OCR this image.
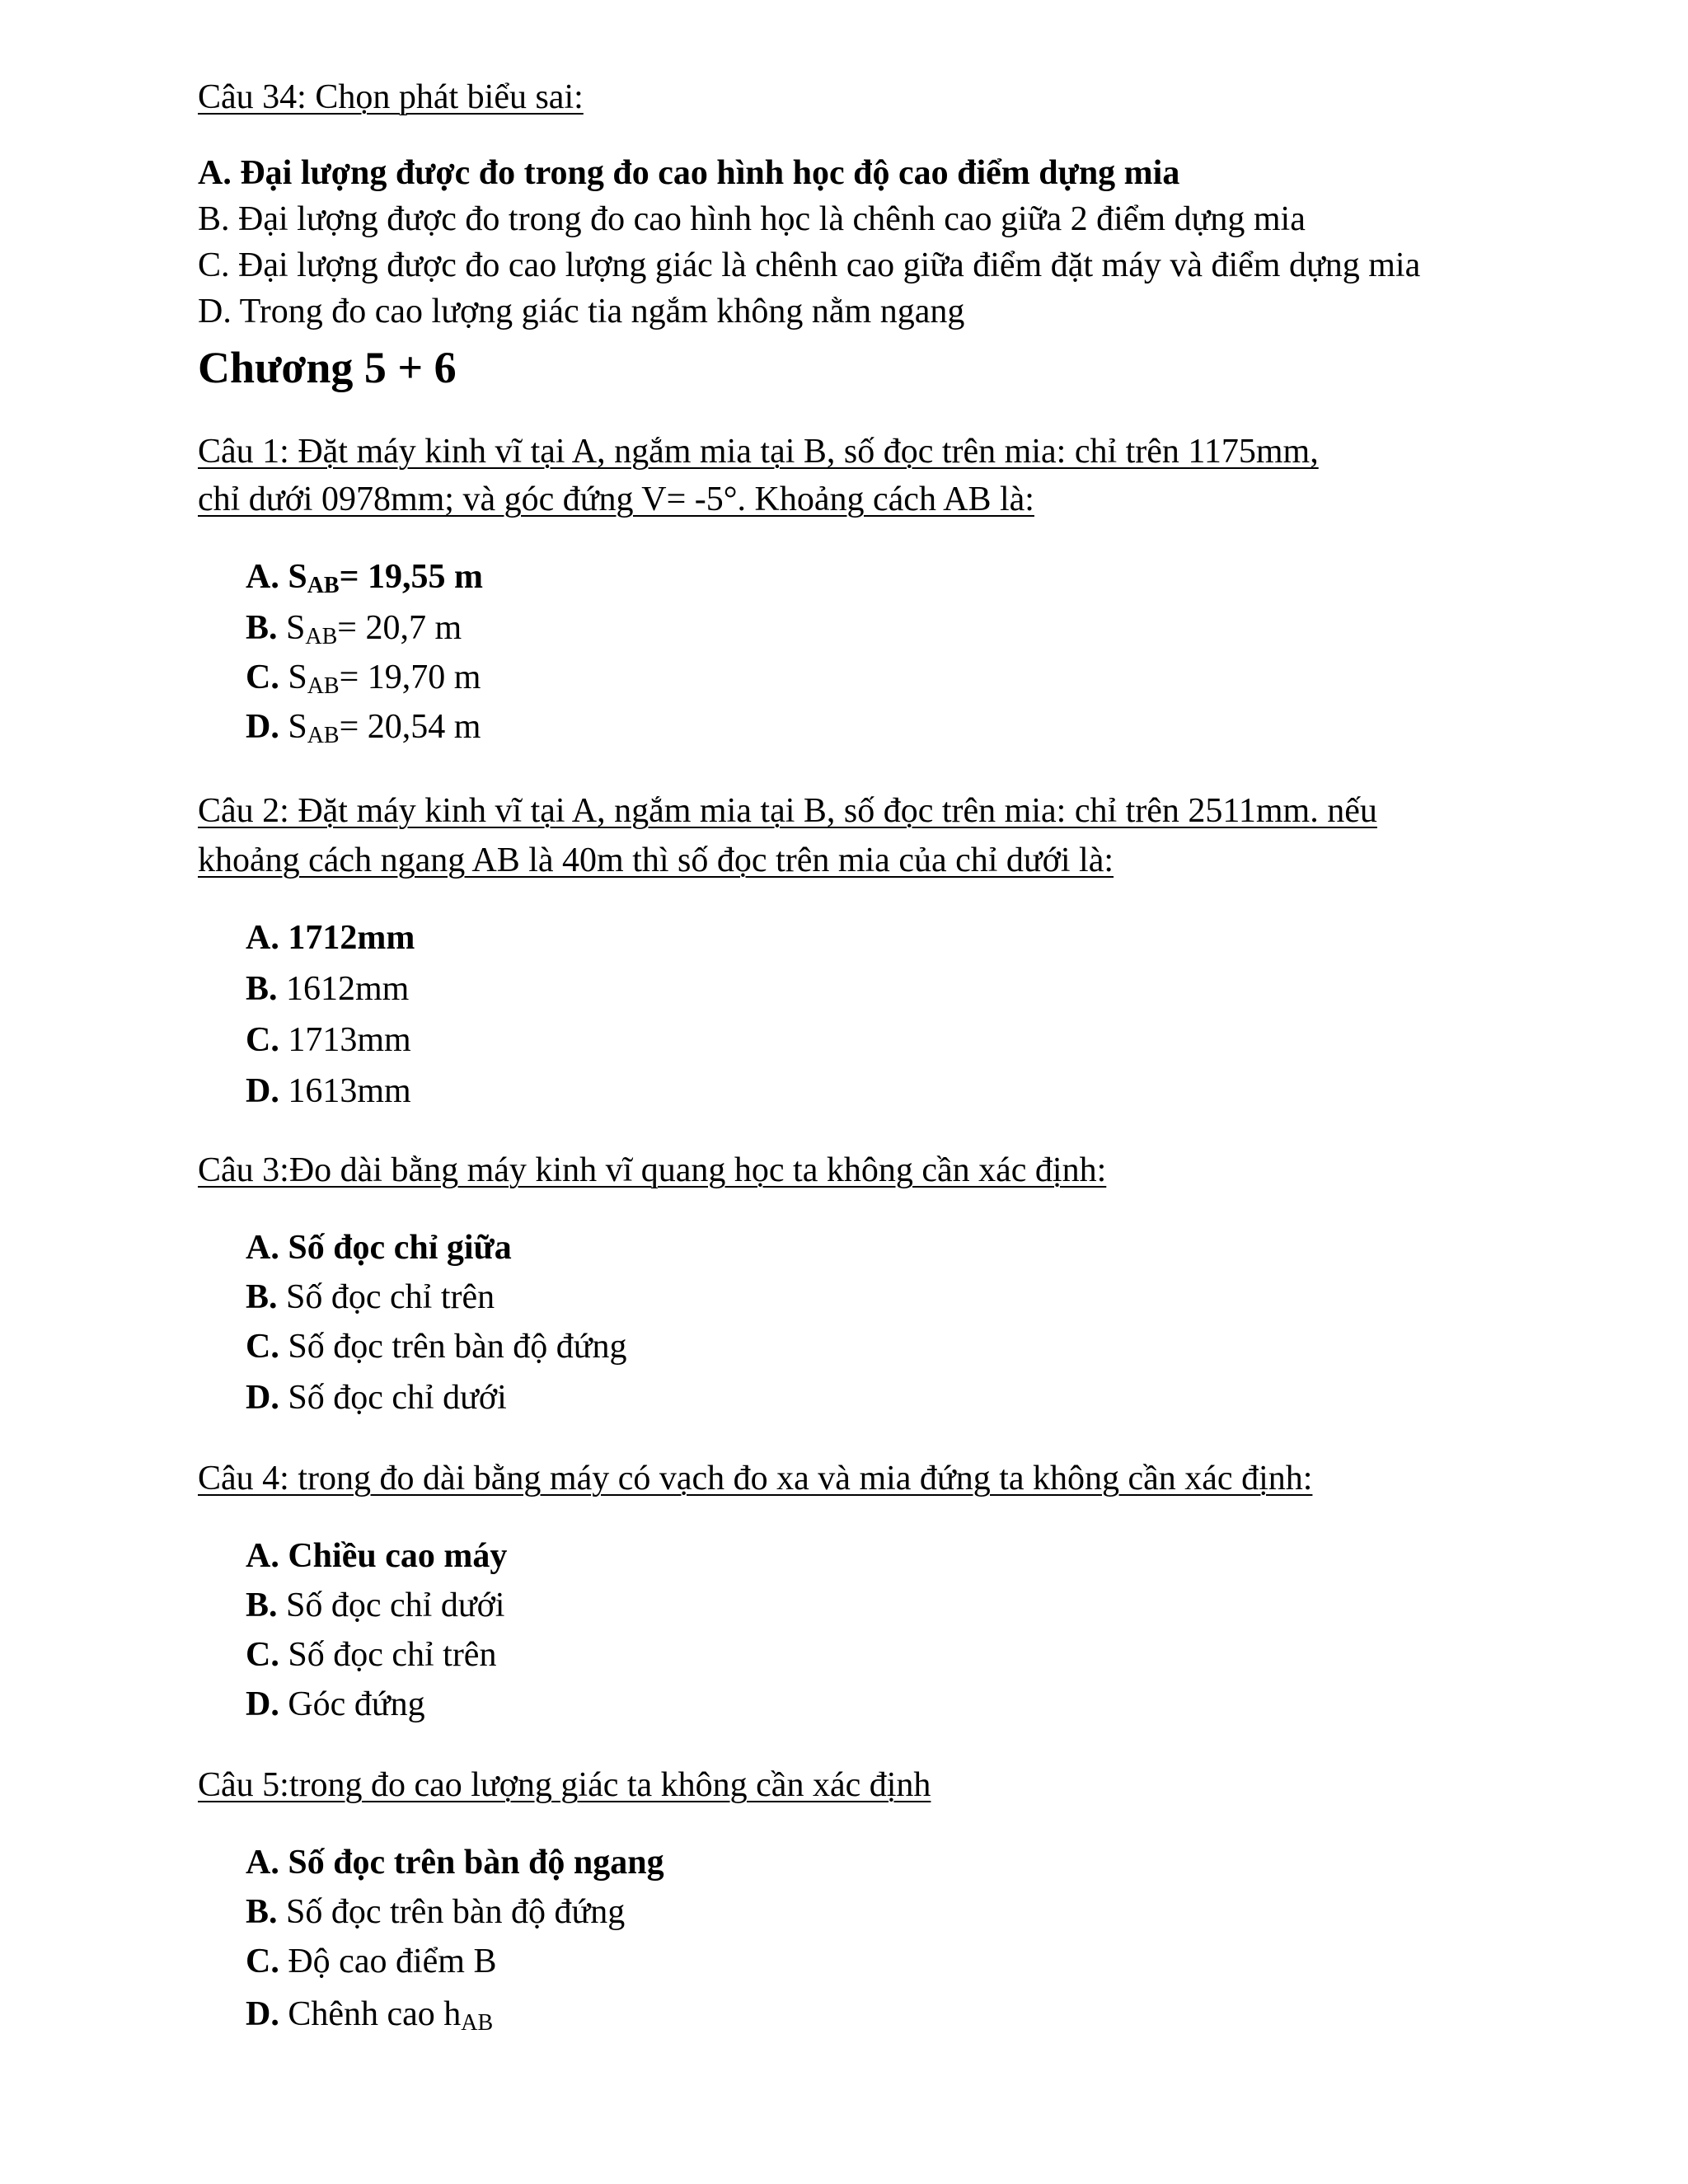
Câu 34: Chọn phát biểu sai:
A. Đại lượng được đo trong đo cao hình học độ cao điểm dựng mia
B. Đại lượng được đo trong đo cao hình học là chênh cao giữa 2 điểm dựng mia
C. Đại lượng được đo cao lượng giác là chênh cao giữa điểm đặt máy và điểm dựng mia
D. Trong đo cao lượng giác tia ngắm không nằm ngang
Chương 5 + 6
Câu 1: Đặt máy kinh vĩ tại A, ngắm mia tại B, số đọc trên mia: chỉ trên 1175mm,
chỉ dưới 0978mm; và góc đứng V= -5°. Khoảng cách AB là:
A. SAB= 19,55 m
B. SAB= 20,7 m
C. SAB= 19,70 m
D. SAB= 20,54 m
Câu 2: Đặt máy kinh vĩ tại A, ngắm mia tại B, số đọc trên mia: chỉ trên 2511mm. nếu
khoảng cách ngang AB là 40m thì số đọc trên mia của chỉ dưới là:
A. 1712mm
B. 1612mm
C. 1713mm
D. 1613mm
Câu 3:Đo dài bằng máy kinh vĩ quang học ta không cần xác định:
A. Số đọc chỉ giữa
B. Số đọc chỉ trên
C. Số đọc trên bàn độ đứng
D. Số đọc chỉ dưới
Câu 4: trong đo dài bằng máy có vạch đo xa và mia đứng ta không cần xác định:
A. Chiều cao máy
B. Số đọc chỉ dưới
C. Số đọc chỉ trên
D. Góc đứng
Câu 5:trong đo cao lượng giác ta không cần xác định
A. Số đọc trên bàn độ ngang
B. Số đọc trên bàn độ đứng
C. Độ cao điểm B
D. Chênh cao hAB
